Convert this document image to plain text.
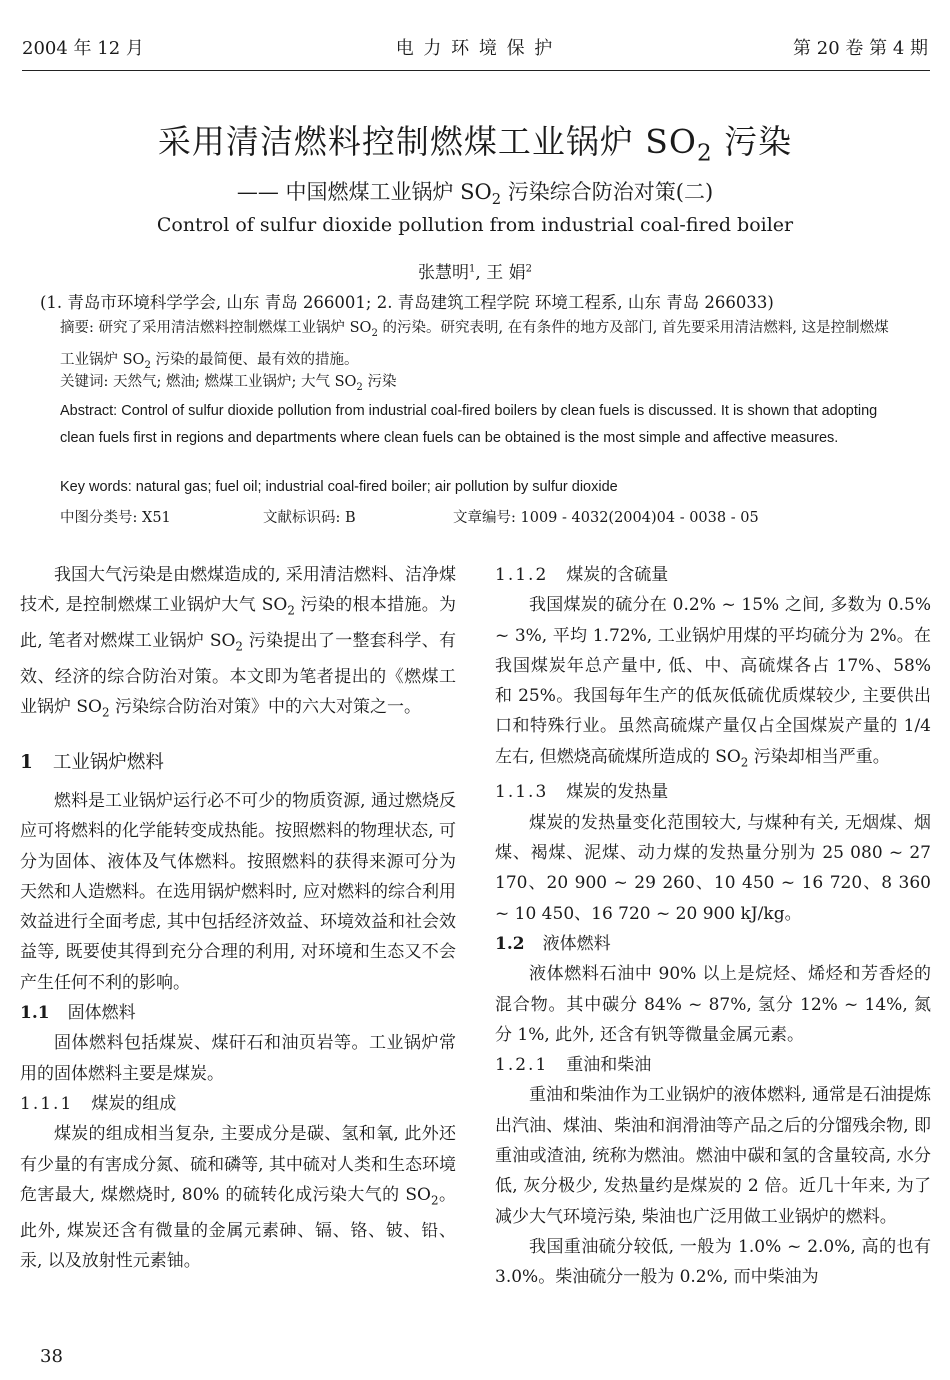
2004 年 12 月	电 力 环 境 保 护	第 20 卷 第 4 期
采用清洁燃料控制燃煤工业锅炉 $SO_2$ 污染
—— 中国燃煤工业锅炉 $SO_2$ 污染综合防治对策(二)
Control of sulfur dioxide pollution from industrial coal-fired boiler
张慧明$^1$, 王 娟$^2$
(1. 青岛市环境科学学会, 山东 青岛 266001; 2. 青岛建筑工程学院 环境工程系, 山东 青岛 266033)
摘要: 研究了采用清洁燃料控制燃煤工业锅炉 $SO_2$ 的污染。研究表明, 在有条件的地方及部门, 首先要采用清洁燃料, 这是控制燃煤工业锅炉 $SO_2$ 污染的最简便、最有效的措施。
关键词: 天然气; 燃油; 燃煤工业锅炉; 大气 $SO_2$ 污染
Abstract: Control of sulfur dioxide pollution from industrial coal-fired boilers by clean fuels is discussed. It is shown that adopting clean fuels first in regions and departments where clean fuels can be obtained is the most simple and affective measures.
Key words: natural gas; fuel oil; industrial coal-fired boiler; air pollution by sulfur dioxide
中图分类号: X51	文献标识码: B	文章编号: 1009 - 4032(2004)04 - 0038 - 05

我国大气污染是由燃煤造成的, 采用清洁燃料、洁净煤技术, 是控制燃煤工业锅炉大气 $SO_2$ 污染的根本措施。为此, 笔者对燃煤工业锅炉 $SO_2$ 污染提出了一整套科学、有效、经济的综合防治对策。本文即为笔者提出的《燃煤工业锅炉 $SO_2$ 污染综合防治对策》中的六大对策之一。

1 工业锅炉燃料

燃料是工业锅炉运行必不可少的物质资源, 通过燃烧反应可将燃料的化学能转变成热能。按照燃料的物理状态, 可分为固体、液体及气体燃料。按照燃料的获得来源可分为天然和人造燃料。在选用锅炉燃料时, 应对燃料的综合利用效益进行全面考虑, 其中包括经济效益、环境效益和社会效益等, 既要使其得到充分合理的利用, 对环境和生态又不会产生任何不利的影响。

1.1 固体燃料

固体燃料包括煤炭、煤矸石和油页岩等。工业锅炉常用的固体燃料主要是煤炭。

1.1.1 煤炭的组成

煤炭的组成相当复杂, 主要成分是碳、氢和氧, 此外还有少量的有害成分氮、硫和磷等, 其中硫对人类和生态环境危害最大, 煤燃烧时, 80% 的硫转化成污染大气的 $SO_2$。此外, 煤炭还含有微量的金属元素砷、镉、铬、铍、铅、汞, 以及放射性元素铀。

1.1.2 煤炭的含硫量

我国煤炭的硫分在 0.2% ~ 15% 之间, 多数为 0.5% ~ 3%, 平均 1.72%, 工业锅炉用煤的平均硫分为 2%。在我国煤炭年总产量中, 低、中、高硫煤各占 17%、58% 和 25%。我国每年生产的低灰低硫优质煤较少, 主要供出口和特殊行业。虽然高硫煤产量仅占全国煤炭产量的 1/4 左右, 但燃烧高硫煤所造成的 $SO_2$ 污染却相当严重。

1.1.3 煤炭的发热量

煤炭的发热量变化范围较大, 与煤种有关, 无烟煤、烟煤、褐煤、泥煤、动力煤的发热量分别为 25 080 ~ 27 170、20 900 ~ 29 260、10 450 ~ 16 720、8 360 ~ 10 450、16 720 ~ 20 900 kJ/kg。

1.2 液体燃料

液体燃料石油中 90% 以上是烷烃、烯烃和芳香烃的混合物。其中碳分 84% ~ 87%, 氢分 12% ~ 14%, 氮分 1%, 此外, 还含有钒等微量金属元素。

1.2.1 重油和柴油

重油和柴油作为工业锅炉的液体燃料, 通常是石油提炼出汽油、煤油、柴油和润滑油等产品之后的分馏残余物, 即重油或渣油, 统称为燃油。燃油中碳和氢的含量较高, 水分低, 灰分极少, 发热量约是煤炭的 2 倍。近几十年来, 为了减少大气环境污染, 柴油也广泛用做工业锅炉的燃料。

我国重油硫分较低, 一般为 1.0% ~ 2.0%, 高的也有 3.0%。柴油硫分一般为 0.2%, 而中柴油为

38
